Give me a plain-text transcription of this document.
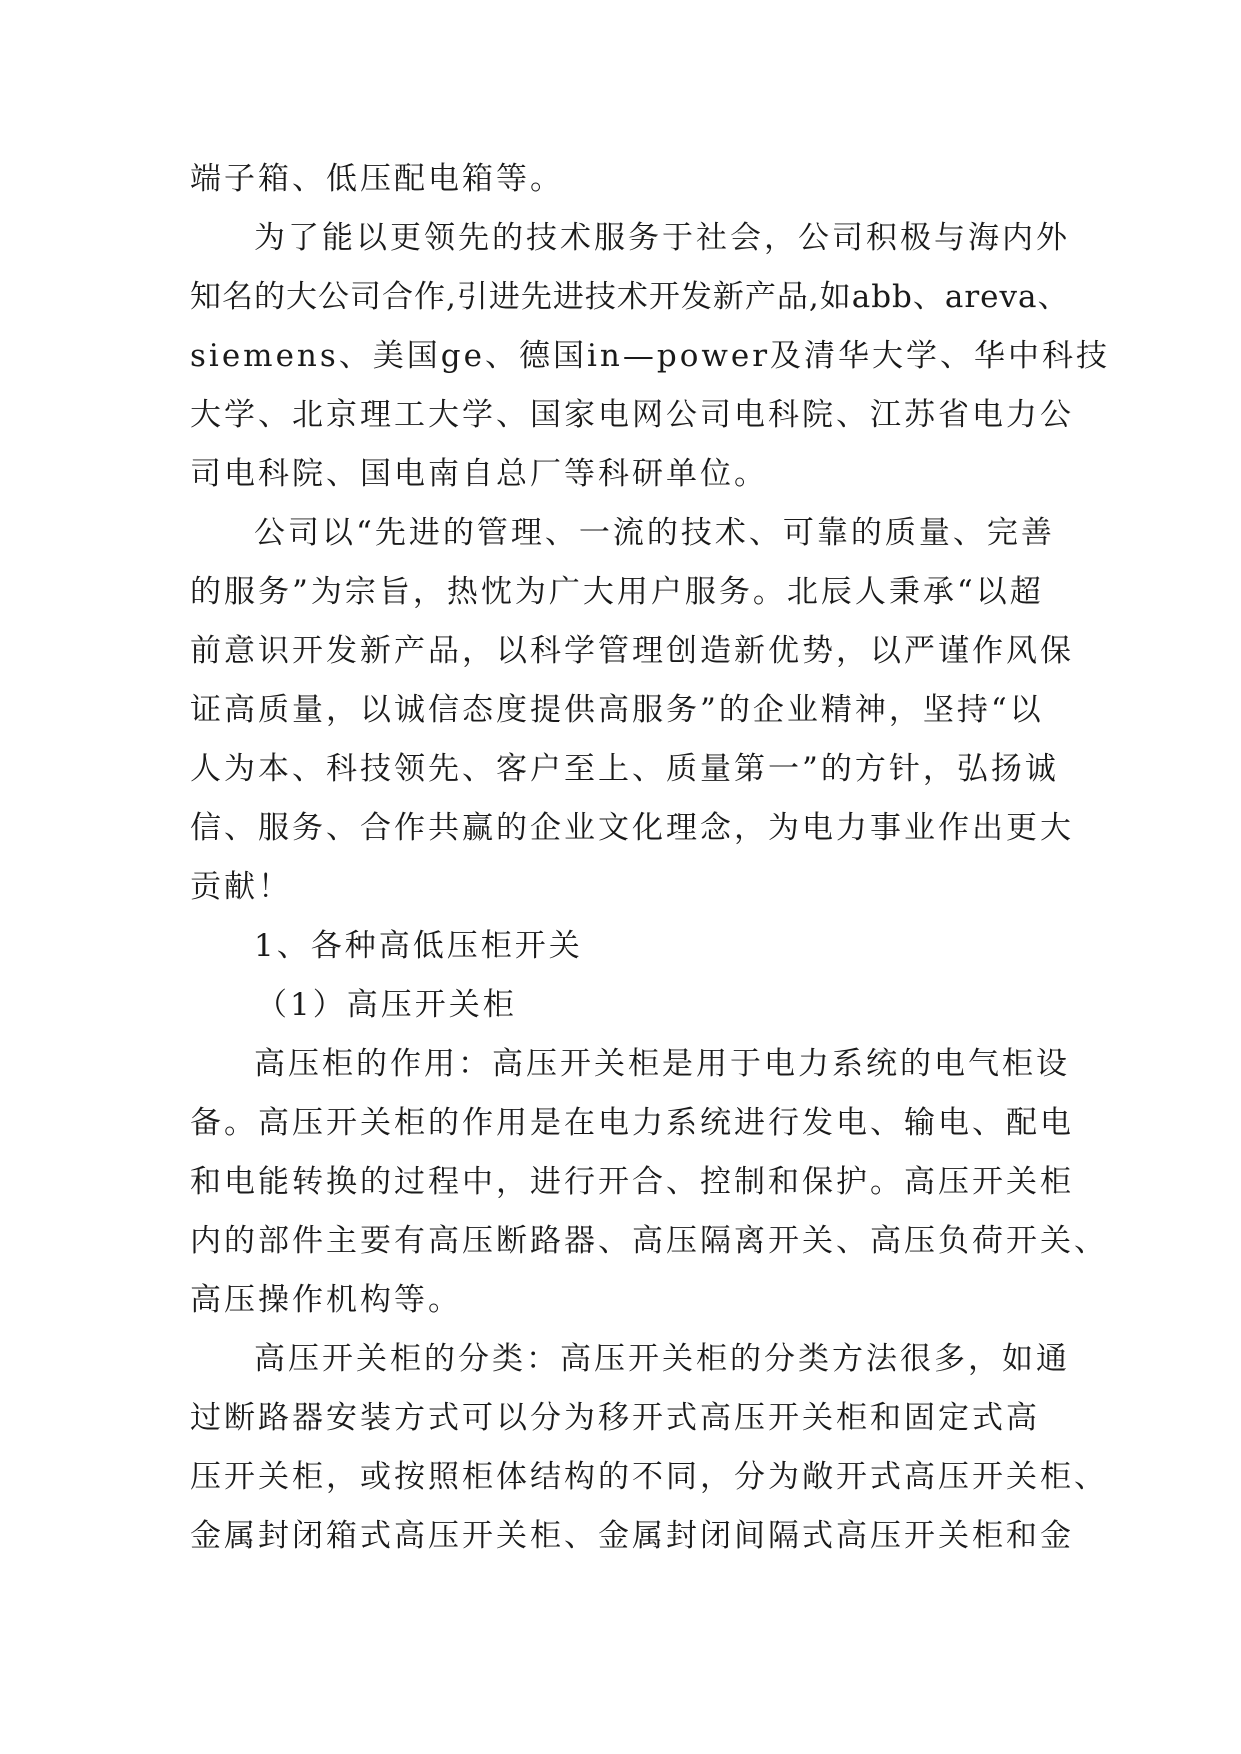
端子箱、低压配电箱等。
为了能以更领先的技术服务于社会，公司积极与海内外
知名的大公司合作,引进先进技术开发新产品,如abb、areva、
siemens、美国ge、德国in—power及清华大学、华中科技
大学、北京理工大学、国家电网公司电科院、江苏省电力公
司电科院、国电南自总厂等科研单位。
公司以“先进的管理、一流的技术、可靠的质量、完善
的服务”为宗旨，热忱为广大用户服务。北辰人秉承“以超
前意识开发新产品，以科学管理创造新优势，以严谨作风保
证高质量，以诚信态度提供高服务”的企业精神，坚持“以
人为本、科技领先、客户至上、质量第一”的方针，弘扬诚
信、服务、合作共赢的企业文化理念，为电力事业作出更大
贡献！
1、各种高低压柜开关
（1）高压开关柜
高压柜的作用：高压开关柜是用于电力系统的电气柜设
备。高压开关柜的作用是在电力系统进行发电、输电、配电
和电能转换的过程中，进行开合、控制和保护。高压开关柜
内的部件主要有高压断路器、高压隔离开关、高压负荷开关、
高压操作机构等。
高压开关柜的分类：高压开关柜的分类方法很多，如通
过断路器安装方式可以分为移开式高压开关柜和固定式高
压开关柜，或按照柜体结构的不同，分为敞开式高压开关柜、
金属封闭箱式高压开关柜、金属封闭间隔式高压开关柜和金
